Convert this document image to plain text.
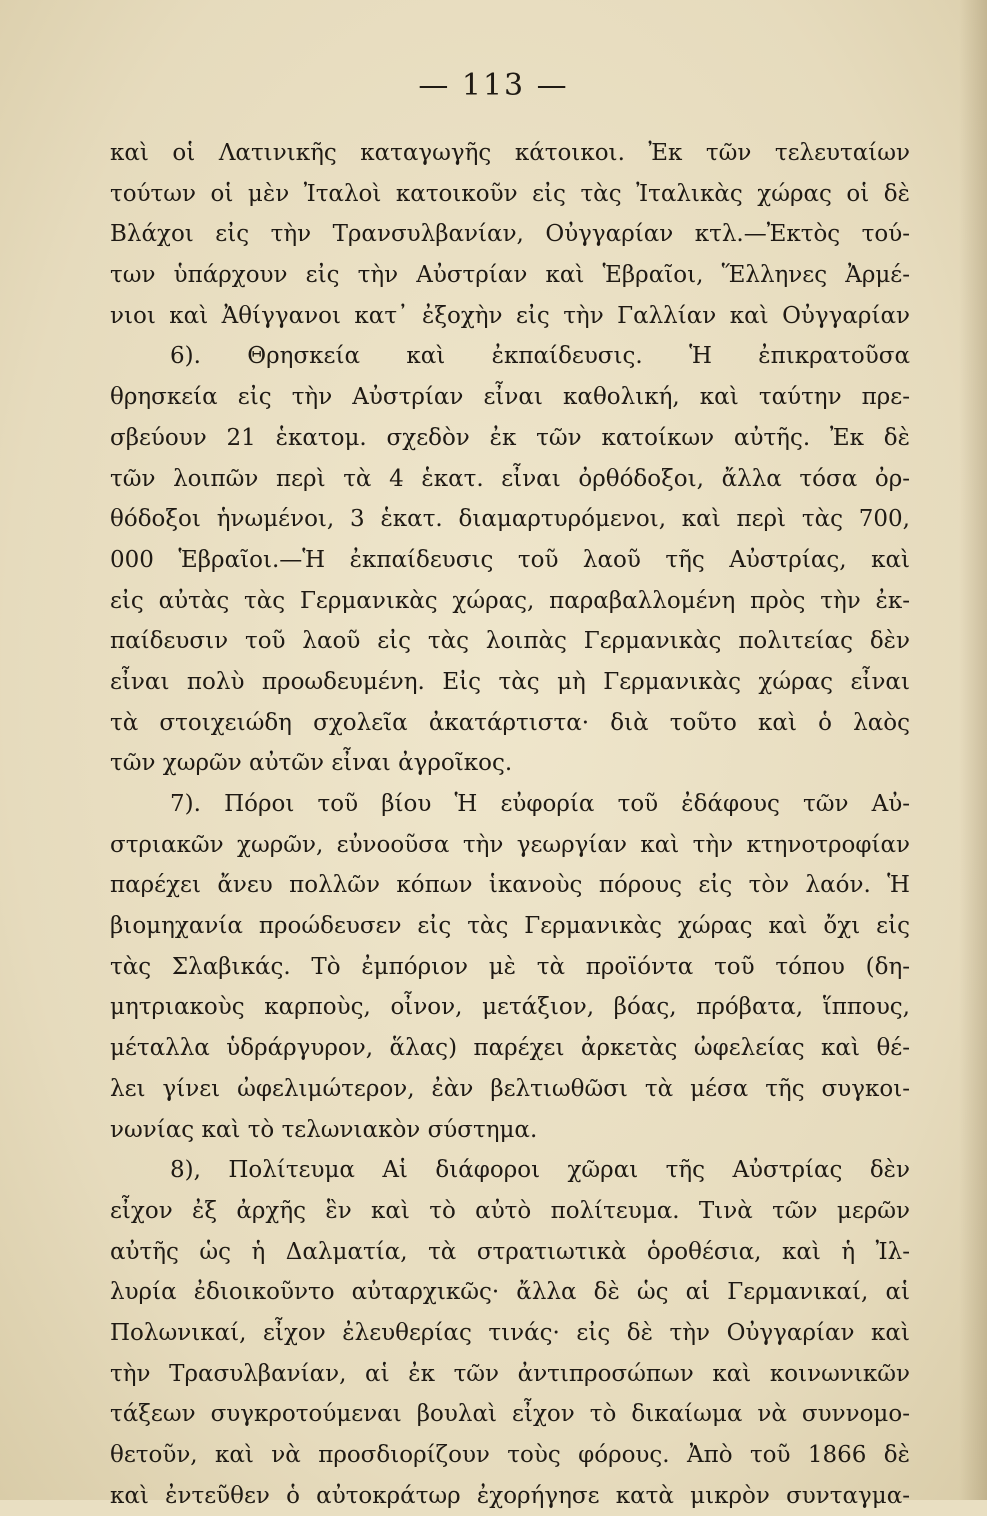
— 113 —
καὶ οἱ Λατινικῆς καταγωγῆς κάτοικοι. Ἐκ τῶν τελευταίων
τούτων οἱ μὲν Ἰταλοὶ κατοικοῦν εἰς τὰς Ἰταλικὰς χώρας οἱ δὲ
Βλάχοι εἰς τὴν Τρανσυλβανίαν, Οὐγγαρίαν κτλ.—Ἐκτὸς τού-
των ὑπάρχουν εἰς τὴν Αὐστρίαν καὶ Ἑβραῖοι, Ἕλληνες Ἀρμέ-
νιοι καὶ Ἀθίγγανοι κατ᾽ ἐξοχὴν εἰς τὴν Γαλλίαν καὶ Οὐγγαρίαν
6). Θρησκεία καὶ ἐκπαίδευσις. Ἡ ἐπικρατοῦσα
θρησκεία εἰς τὴν Αὐστρίαν εἶναι καθολική, καὶ ταύτην πρε-
σβεύουν 21 ἑκατομ. σχεδὸν ἐκ τῶν κατοίκων αὐτῆς. Ἐκ δὲ
τῶν λοιπῶν περὶ τὰ 4 ἑκατ. εἶναι ὀρθόδοξοι, ἄλλα τόσα ὀρ-
θόδοξοι ἡνωμένοι, 3 ἑκατ. διαμαρτυρόμενοι, καὶ περὶ τὰς 700,
000 Ἑβραῖοι.—Ἡ ἐκπαίδευσις τοῦ λαοῦ τῆς Αὐστρίας, καὶ
εἰς αὐτὰς τὰς Γερμανικὰς χώρας, παραβαλλομένη πρὸς τὴν ἐκ-
παίδευσιν τοῦ λαοῦ εἰς τὰς λοιπὰς Γερμανικὰς πολιτείας δὲν
εἶναι πολὺ προωδευμένη. Εἰς τὰς μὴ Γερμανικὰς χώρας εἶναι
τὰ στοιχειώδη σχολεῖα ἀκατάρτιστα· διὰ τοῦτο καὶ ὁ λαὸς
τῶν χωρῶν αὐτῶν εἶναι ἀγροῖκος.
7). Πόροι τοῦ βίου Ἡ εὐφορία τοῦ ἐδάφους τῶν Αὐ-
στριακῶν χωρῶν, εὐνοοῦσα τὴν γεωργίαν καὶ τὴν κτηνοτροφίαν
παρέχει ἄνευ πολλῶν κόπων ἱκανοὺς πόρους εἰς τὸν λαόν. Ἡ
βιομηχανία προώδευσεν εἰς τὰς Γερμανικὰς χώρας καὶ ὄχι εἰς
τὰς Σλαβικάς. Τὸ ἐμπόριον μὲ τὰ προϊόντα τοῦ τόπου (δη-
μητριακοὺς καρποὺς, οἶνον, μετάξιον, βόας, πρόβατα, ἵππους,
μέταλλα ὑδράργυρον, ἅλας) παρέχει ἀρκετὰς ὠφελείας καὶ θέ-
λει γίνει ὠφελιμώτερον, ἐὰν βελτιωθῶσι τὰ μέσα τῆς συγκοι-
νωνίας καὶ τὸ τελωνιακὸν σύστημα.
8), Πολίτευμα Αἱ διάφοροι χῶραι τῆς Αὐστρίας δὲν
εἶχον ἐξ ἀρχῆς ἓν καὶ τὸ αὐτὸ πολίτευμα. Τινὰ τῶν μερῶν
αὐτῆς ὡς ἡ Δαλματία, τὰ στρατιωτικὰ ὁροθέσια, καὶ ἡ Ἰλ-
λυρία ἐδιοικοῦντο αὐταρχικῶς· ἄλλα δὲ ὡς αἱ Γερμανικαί, αἱ
Πολωνικαί, εἶχον ἐλευθερίας τινάς· εἰς δὲ τὴν Οὐγγαρίαν καὶ
τὴν Τρασυλβανίαν, αἱ ἐκ τῶν ἀντιπροσώπων καὶ κοινωνικῶν
τάξεων συγκροτούμεναι βουλαὶ εἶχον τὸ δικαίωμα νὰ συννομο-
θετοῦν, καὶ νὰ προσδιορίζουν τοὺς φόρους. Ἀπὸ τοῦ 1866 δὲ
καὶ ἐντεῦθεν ὁ αὐτοκράτωρ ἐχορήγησε κατὰ μικρὸν συνταγμα-
